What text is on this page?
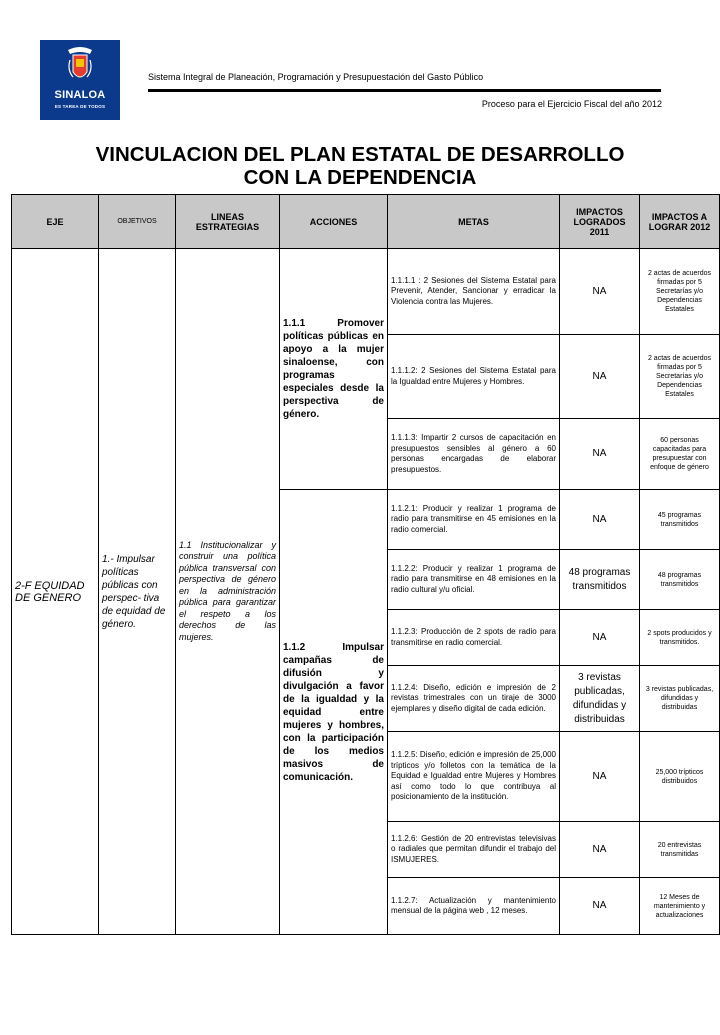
SINALOA
ES TAREA DE TODOS
Sistema Integral de Planeación, Programación y Presupuestación del Gasto Público
Proceso para el Ejercicio Fiscal del año 2012
VINCULACION DEL PLAN ESTATAL DE DESARROLLO
CON LA DEPENDENCIA
EJE	OBJETIVOS	LINEAS ESTRATEGIAS	ACCIONES	METAS	IMPACTOS LOGRADOS 2011	IMPACTOS A LOGRAR 2012
2-F EQUIDAD DE GENERO	1.- Impulsar políticas públicas con perspec- tiva de equidad de género.	1.1 Institucionalizar y construir una política pública transversal con perspectiva de género en la administración pública para garantizar el respeto a los derechos de las mujeres.	1.1.1 Promover políticas públicas en apoyo a la mujer sinaloense, con programas especiales desde la perspectiva de género.	1.1.1.1 : 2 Sesiones del Sistema Estatal para Prevenir, Atender, Sancionar y erradicar la Violencia contra las Mujeres.	NA	2 actas de acuerdos firmadas por 5 Secretarías y/o Dependencias Estatales
				1.1.1.2: 2 Sesiones del Sistema Estatal para la Igualdad entre Mujeres y Hombres.	NA	2 actas de acuerdos firmadas por 5 Secretarías y/o Dependencias Estatales
				1.1.1.3: Impartir 2 cursos de capacitación en presupuestos sensibles al género a 60 personas encargadas de elaborar presupuestos.	NA	60 personas capacitadas para presupuestar con enfoque de género
			1.1.2 Impulsar campañas de difusión y divulgación a favor de la igualdad y la equidad entre mujeres y hombres, con la participación de los medios masivos de comunicación.	1.1.2.1: Producir y realizar 1 programa de radio para transmitirse en 45 emisiones en la radio comercial.	NA	45 programas transmitidos
				1.1.2.2: Producir y realizar 1 programa de radio para transmitirse en 48 emisiones en la radio cultural y/u oficial.	48 programas transmitidos	48 programas transmitidos
				1.1.2.3: Producción de 2 spots de radio para transmitirse en radio comercial.	NA	2 spots producidos y transmitidos.
				1.1.2.4: Diseño, edición e impresión de 2 revistas trimestrales con un tiraje de 3000 ejemplares y diseño digital de cada edición.	3 revistas publicadas, difundidas y distribuidas	3 revistas publicadas, difundidas y distribuidas
				1.1.2.5: Diseño, edición e impresión de 25,000 trípticos y/o folletos con la temática de la Equidad e Igualdad entre Mujeres y Hombres así como todo lo que contribuya al posicionamiento de la institución.	NA	25,000 trípticos distribuidos
				1.1.2.6: Gestión de 20 entrevistas televisivas o radiales que permitan difundir el trabajo del ISMUJERES.	NA	20 entrevistas transmitidas
				1.1.2.7: Actualización y mantenimiento mensual de la página web , 12 meses.	NA	12 Meses de mantenimiento y actualizaciones
